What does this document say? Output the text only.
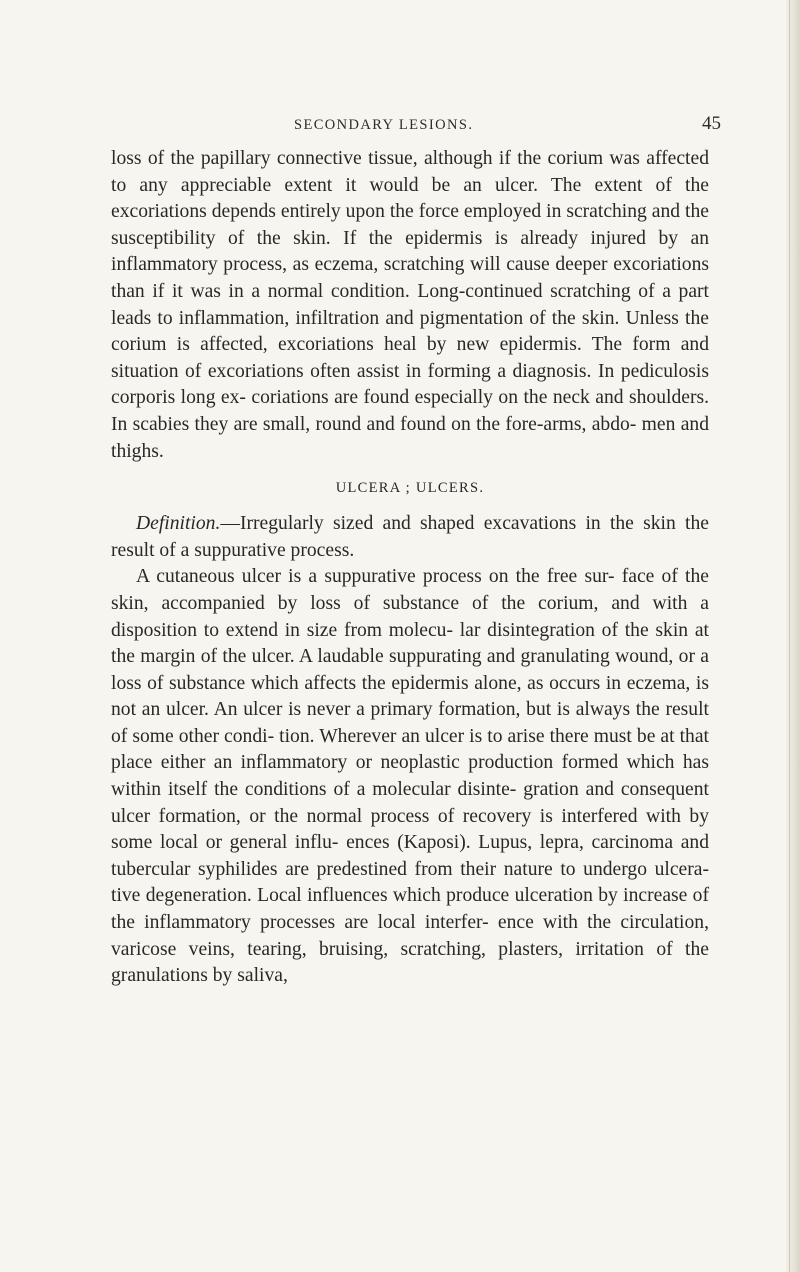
SECONDARY LESIONS.	45

loss of the papillary connective tissue, although if the corium was affected to any appreciable extent it would be an ulcer. The extent of the excoriations depends entirely upon the force employed in scratching and the susceptibility of the skin. If the epidermis is already injured by an inflammatory process, as eczema, scratching will cause deeper excoriations than if it was in a normal condition. Long-continued scratching of a part leads to inflammation, infiltration and pigmentation of the skin. Unless the corium is affected, excoriations heal by new epidermis. The form and situation of excoriations often assist in forming a diagnosis. In pediculosis corporis long ex- coriations are found especially on the neck and shoulders. In scabies they are small, round and found on the fore-arms, abdo- men and thighs.

ULCERA ; ULCERS.

Definition.—Irregularly sized and shaped excavations in the skin the result of a suppurative process.

A cutaneous ulcer is a suppurative process on the free sur- face of the skin, accompanied by loss of substance of the corium, and with a disposition to extend in size from molecu- lar disintegration of the skin at the margin of the ulcer. A laudable suppurating and granulating wound, or a loss of substance which affects the epidermis alone, as occurs in eczema, is not an ulcer. An ulcer is never a primary formation, but is always the result of some other condi- tion. Wherever an ulcer is to arise there must be at that place either an inflammatory or neoplastic production formed which has within itself the conditions of a molecular disinte- gration and consequent ulcer formation, or the normal process of recovery is interfered with by some local or general influ- ences (Kaposi). Lupus, lepra, carcinoma and tubercular syphilides are predestined from their nature to undergo ulcera- tive degeneration. Local influences which produce ulceration by increase of the inflammatory processes are local interfer- ence with the circulation, varicose veins, tearing, bruising, scratching, plasters, irritation of the granulations by saliva,
